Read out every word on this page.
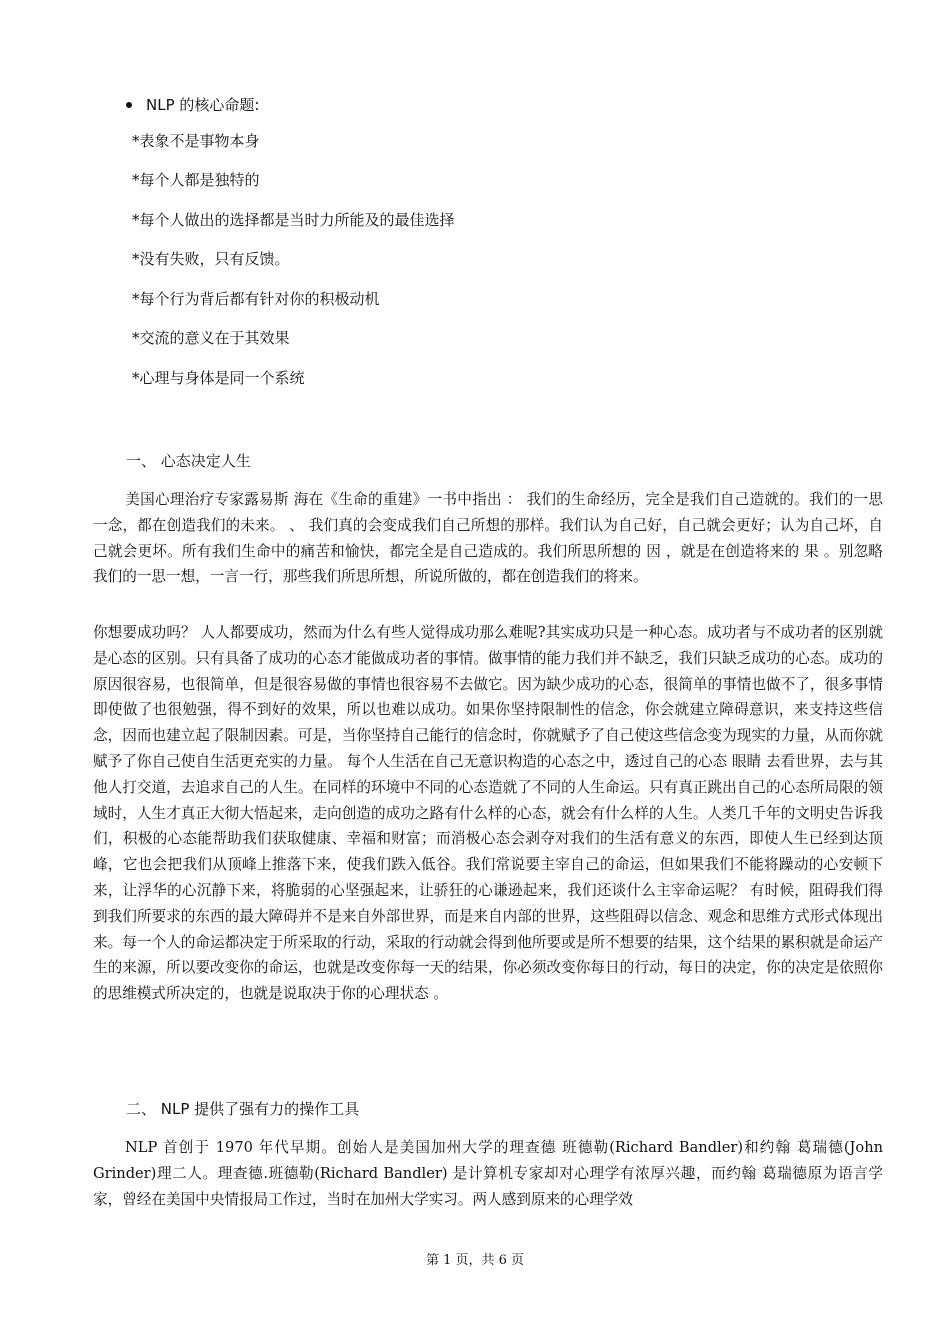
NLP 的核心命题:
*表象不是事物本身
*每个人都是独特的
*每个人做出的选择都是当时力所能及的最佳选择
*没有失败，只有反馈。
*每个行为背后都有针对你的积极动机
*交流的意义在于其效果
*心理与身体是同一个系统
一、 心态决定人生
美国心理治疗专家露易斯 海在《生命的重建》一书中指出 ： 我们的生命经历，完全是我们自己造就的。我们的一思一念，都在创造我们的未来。 、 我们真的会变成我们自己所想的那样。我们认为自己好，自己就会更好；认为自己坏，自己就会更坏。所有我们生命中的痛苦和愉快，都完全是自己造成的。我们所思所想的 因 ，就是在创造将来的 果 。别忽略我们的一思一想，一言一行，那些我们所思所想，所说所做的，都在创造我们的将来。
你想要成功吗？ 人人都要成功，然而为什么有些人觉得成功那么难呢?其实成功只是一种心态。成功者与不成功者的区别就是心态的区别。只有具备了成功的心态才能做成功者的事情。做事情的能力我们并不缺乏，我们只缺乏成功的心态。成功的原因很容易，也很简单，但是很容易做的事情也很容易不去做它。因为缺少成功的心态，很简单的事情也做不了，很多事情即使做了也很勉强，得不到好的效果，所以也难以成功。如果你坚持限制性的信念，你会就建立障碍意识，来支持这些信念，因而也建立起了限制因素。可是，当你坚持自己能行的信念时，你就赋予了自己使这些信念变为现实的力量，从而你就赋予了你自己使自生活更充实的力量。 每个人生活在自己无意识构造的心态之中，透过自己的心态 眼睛 去看世界，去与其他人打交道，去追求自己的人生。在同样的环境中不同的心态造就了不同的人生命运。只有真正跳出自己的心态所局限的领域时，人生才真正大彻大悟起来，走向创造的成功之路有什么样的心态，就会有什么样的人生。人类几千年的文明史告诉我们，积极的心态能帮助我们获取健康、幸福和财富；而消极心态会剥夺对我们的生活有意义的东西，即使人生已经到达顶峰，它也会把我们从顶峰上推落下来，使我们跌入低谷。我们常说要主宰自己的命运，但如果我们不能将躁动的心安顿下来，让浮华的心沉静下来，将脆弱的心坚强起来，让骄狂的心谦逊起来，我们还谈什么主宰命运呢？ 有时候，阻碍我们得到我们所要求的东西的最大障碍并不是来自外部世界，而是来自内部的世界，这些阻碍以信念、观念和思维方式形式体现出来。每一个人的命运都决定于所采取的行动，采取的行动就会得到他所要或是所不想要的结果，这个结果的累积就是命运产生的来源，所以要改变你的命运，也就是改变你每一天的结果，你必须改变你每日的行动，每日的决定，你的决定是依照你的思维模式所决定的，也就是说取决于你的心理状态 。
二、 NLP 提供了强有力的操作工具
NLP 首创于 1970 年代早期。创始人是美国加州大学的理查德 班德勒(Richard Bandler)和约翰 葛瑞德(John Grinder)理二人。理查德.班德勒(Richard Bandler) 是计算机专家却对心理学有浓厚兴趣，而约翰 葛瑞德原为语言学家，曾经在美国中央情报局工作过，当时在加州大学实习。两人感到原来的心理学效
第 1 页，共 6 页
